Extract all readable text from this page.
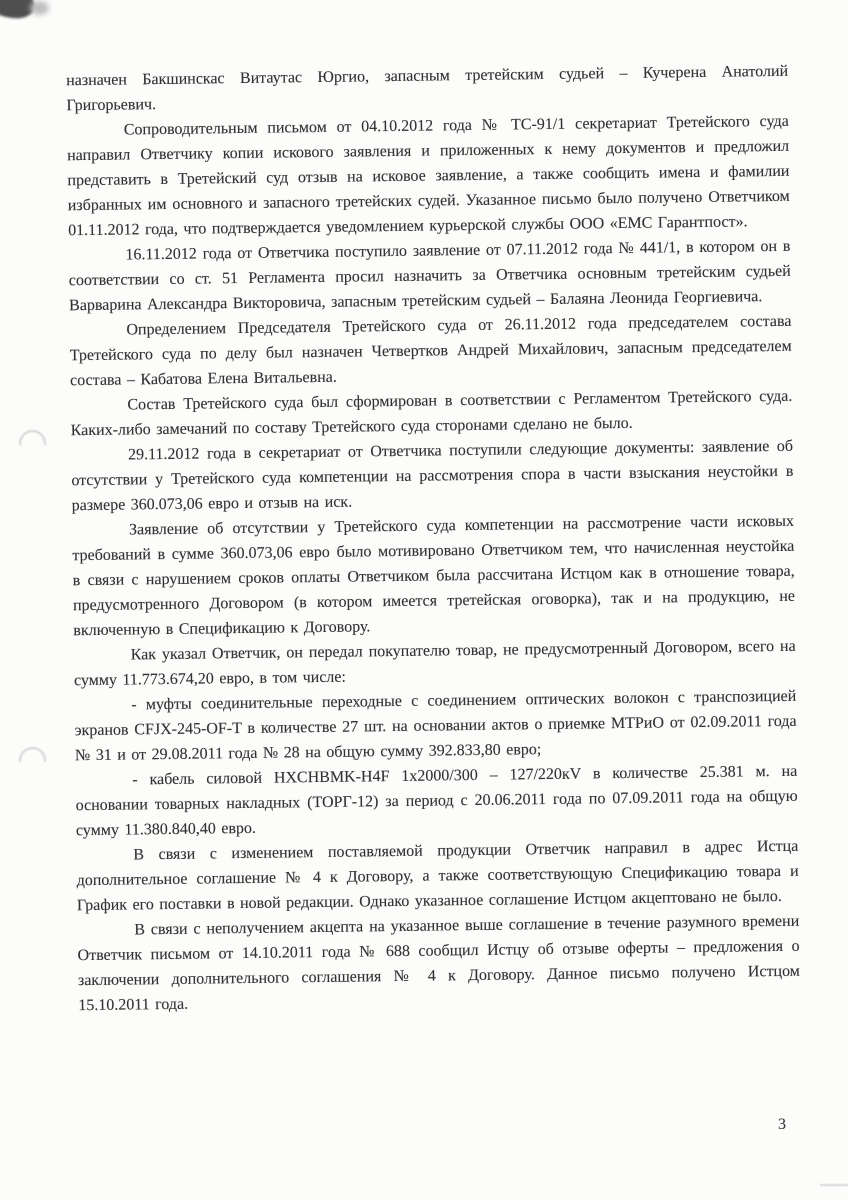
назначен Бакшинскас Витаутас Юргио, запасным третейским судьей – Кучерена Анатолий Григорьевич.

Сопроводительным письмом от 04.10.2012 года № ТС-91/1 секретариат Третейского суда направил Ответчику копии искового заявления и приложенных к нему документов и предложил представить в Третейский суд отзыв на исковое заявление, а также сообщить имена и фамилии избранных им основного и запасного третейских судей. Указанное письмо было получено Ответчиком 01.11.2012 года, что подтверждается уведомлением курьерской службы ООО «ЕМС Гарантпост».

16.11.2012 года от Ответчика поступило заявление от 07.11.2012 года № 441/1, в котором он в соответствии со ст. 51 Регламента просил назначить за Ответчика основным третейским судьей Варварина Александра Викторовича, запасным третейским судьей – Балаяна Леонида Георгиевича.

Определением Председателя Третейского суда от 26.11.2012 года председателем состава Третейского суда по делу был назначен Четвертков Андрей Михайлович, запасным председателем состава – Кабатова Елена Витальевна.

Состав Третейского суда был сформирован в соответствии с Регламентом Третейского суда. Каких-либо замечаний по составу Третейского суда сторонами сделано не было.

29.11.2012 года в секретариат от Ответчика поступили следующие документы: заявление об отсутствии у Третейского суда компетенции на рассмотрения спора в части взыскания неустойки в размере 360.073,06 евро и отзыв на иск.

Заявление об отсутствии у Третейского суда компетенции на рассмотрение части исковых требований в сумме 360.073,06 евро было мотивировано Ответчиком тем, что начисленная неустойка в связи с нарушением сроков оплаты Ответчиком была рассчитана Истцом как в отношение товара, предусмотренного Договором (в котором имеется третейская оговорка), так и на продукцию, не включенную в Спецификацию к Договору.

Как указал Ответчик, он передал покупателю товар, не предусмотренный Договором, всего на сумму 11.773.674,20 евро, в том числе:

- муфты соединительные переходные с соединением оптических волокон с транспозицией экранов CFJX-245-OF-T в количестве 27 шт. на основании актов о приемке МТРиО от 02.09.2011 года № 31 и от 29.08.2011 года № 28 на общую сумму 392.833,80 евро;

- кабель силовой HXCHBMK-H4F 1х2000/300 – 127/220кV в количестве 25.381 м. на основании товарных накладных (ТОРГ-12) за период с 20.06.2011 года по 07.09.2011 года на общую сумму 11.380.840,40 евро.

В связи с изменением поставляемой продукции Ответчик направил в адрес Истца дополнительное соглашение № 4 к Договору, а также соответствующую Спецификацию товара и График его поставки в новой редакции. Однако указанное соглашение Истцом акцептовано не было.

В связи с неполучением акцепта на указанное выше соглашение в течение разумного времени Ответчик письмом от 14.10.2011 года № 688 сообщил Истцу об отзыве оферты – предложения о заключении дополнительного соглашения № 4 к Договору. Данное письмо получено Истцом 15.10.2011 года.

3
